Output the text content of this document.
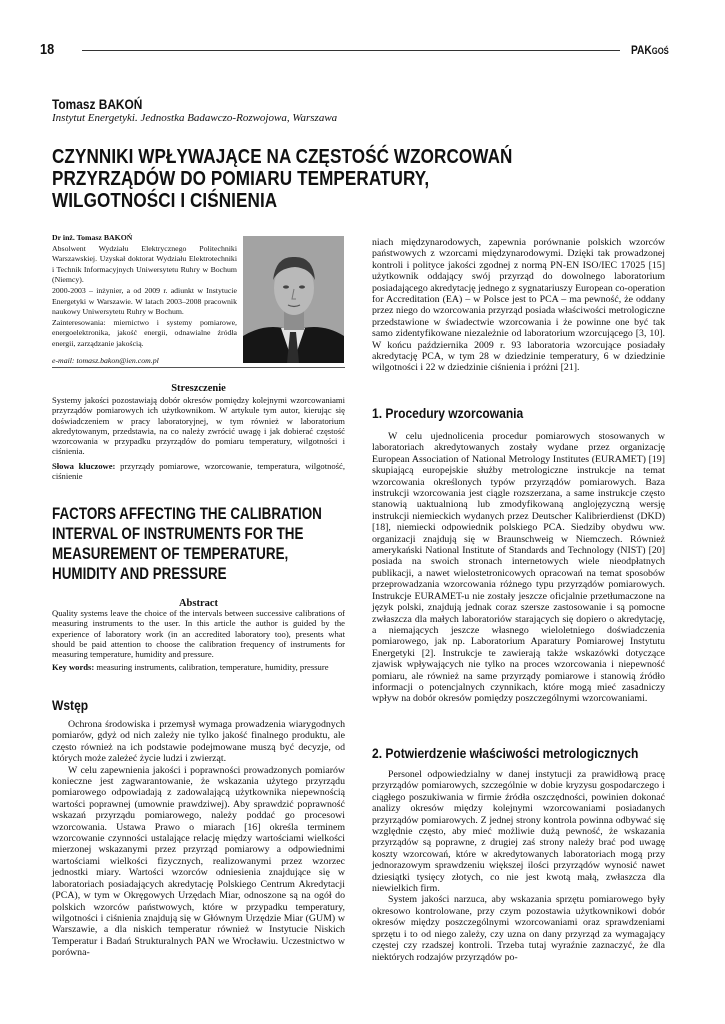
18	PAKGOŚ
Tomasz BAKOŃ
Instytut Energetyki. Jednostka Badawczo-Rozwojowa, Warszawa
CZYNNIKI WPŁYWAJĄCE NA CZĘSTOŚĆ WZORCOWAŃ
PRZYRZĄDÓW DO POMIARU TEMPERATURY,
WILGOTNOŚCI I CIŚNIENIA

Dr inż. Tomasz BAKOŃ

Absolwent Wydziału Elektrycznego Politechniki Warszawskiej. Uzyskał doktorat Wydziału Elektrotechniki i Technik Informacyjnych Uniwersytetu Ruhry w Bochum (Niemcy).

2000-2003 – inżynier, a od 2009 r. adiunkt w Instytucie Energetyki w Warszawie. W latach 2003–2008 pracownik naukowy Uniwersytetu Ruhry w Bochum.

Zainteresowania: miernictwo i systemy pomiarowe, energoelektronika, jakość energii, odnawialne źródła energii, zarządzanie jakością.

e-mail: tomasz.bakon@ien.com.pl

Streszczenie
Systemy jakości pozostawiają dobór okresów pomiędzy kolejnymi wzorcowaniami przyrządów pomiarowych ich użytkownikom. W artykule tym autor, kierując się doświadczeniem w pracy laboratoryjnej, w tym również w laboratorium akredytowanym, przedstawia, na co należy zwrócić uwagę i jak dobierać częstość wzorcowania w przypadku przyrządów do pomiaru temperatury, wilgotności i ciśnienia.
Słowa kluczowe: przyrządy pomiarowe, wzorcowanie, temperatura, wilgotność, ciśnienie
FACTORS AFFECTING THE CALIBRATION
INTERVAL OF INSTRUMENTS FOR THE
MEASUREMENT OF TEMPERATURE,
HUMIDITY AND PRESSURE
Abstract
Quality systems leave the choice of the intervals between successive calibrations of measuring instruments to the user. In this article the author is guided by the experience of laboratory work (in an accredited laboratory too), presents what should be paid attention to choose the calibration frequency of instruments for measuring temperature, humidity and pressure.
Key words: measuring instruments, calibration, temperature, humidity, pressure
Wstęp

Ochrona środowiska i przemysł wymaga prowadzenia wiarygodnych pomiarów, gdyż od nich zależy nie tylko jakość finalnego produktu, ale często również na ich podstawie podejmowane muszą być decyzje, od których może zależeć życie ludzi i zwierząt.

W celu zapewnienia jakości i poprawności prowadzonych pomiarów konieczne jest zagwarantowanie, że wskazania użytego przyrządu pomiarowego odpowiadają z zadowalającą użytkownika niepewnością wartości poprawnej (umownie prawdziwej). Aby sprawdzić poprawność wskazań przyrządu pomiarowego, należy poddać go procesowi wzorcowania. Ustawa Prawo o miarach [16] określa terminem wzorcowanie czynności ustalające relację między wartościami wielkości mierzonej wskazanymi przez przyrząd pomiarowy a odpowiednimi wartościami wielkości fizycznych, realizowanymi przez wzorzec jednostki miary. Wartości wzorców odniesienia znajdujące się w laboratoriach posiadających akredytację Polskiego Centrum Akredytacji (PCA), w tym w Okręgowych Urzędach Miar, odnoszone są na ogół do polskich wzorców państwowych, które w przypadku temperatury, wilgotności i ciśnienia znajdują się w Głównym Urzędzie Miar (GUM) w Warszawie, a dla niskich temperatur również w Instytucie Niskich Temperatur i Badań Strukturalnych PAN we Wrocławiu. Uczestnictwo w porówna-

niach międzynarodowych, zapewnia porównanie polskich wzorców państwowych z wzorcami międzynarodowymi. Dzięki tak prowadzonej kontroli i polityce jakości zgodnej z normą PN-EN ISO/IEC 17025 [15] użytkownik oddający swój przyrząd do dowolnego laboratorium posiadającego akredytację jednego z sygnatariuszy European co-operation for Accreditation (EA) – w Polsce jest to PCA – ma pewność, że oddany przez niego do wzorcowania przyrząd posiada właściwości metrologiczne przedstawione w świadectwie wzorcowania i że powinne one być tak samo zidentyfikowane niezależnie od laboratorium wzorcującego [3, 10]. W końcu października 2009 r. 93 laboratoria wzorcujące posiadały akredytację PCA, w tym 28 w dziedzinie temperatury, 6 w dziedzinie wilgotności i 22 w dziedzinie ciśnienia i próżni [21].

1. Procedury wzorcowania

W celu ujednolicenia procedur pomiarowych stosowanych w laboratoriach akredytowanych zostały wydane przez organizację European Association of National Metrology Institutes (EURAMET) [19] skupiającą europejskie służby metrologiczne instrukcje na temat wzorcowania określonych typów przyrządów pomiarowych. Baza instrukcji wzorcowania jest ciągle rozszerzana, a same instrukcje często stanowią uaktualnioną lub zmodyfikowaną anglojęzyczną wersję instrukcji niemieckich wydanych przez Deutscher Kalibrierdienst (DKD) [18], niemiecki odpowiednik polskiego PCA. Siedziby obydwu ww. organizacji znajdują się w Braunschweig w Niemczech. Również amerykański National Institute of Standards and Technology (NIST) [20] posiada na swoich stronach internetowych wiele nieodpłatnych publikacji, a nawet wielostetronicowych opracowań na temat sposobów przeprowadzania wzorcowania różnego typu przyrządów pomiarowych. Instrukcje EURAMET-u nie zostały jeszcze oficjalnie przetłumaczone na język polski, znajdują jednak coraz szersze zastosowanie i są pomocne zwłaszcza dla małych laboratoriów starających się dopiero o akredytację, a niemających jeszcze własnego wieloletniego doświadczenia pomiarowego, jak np. Laboratorium Aparatury Pomiarowej Instytutu Energetyki [2]. Instrukcje te zawierają także wskazówki dotyczące zjawisk wpływających nie tylko na proces wzorcowania i niepewność pomiaru, ale również na same przyrządy pomiarowe i stanowią źródło informacji o potencjalnych czynnikach, które mogą mieć zasadniczy wpływ na dobór okresów pomiędzy poszczególnymi wzorcowaniami.

2. Potwierdzenie właściwości metrologicznych

Personel odpowiedzialny w danej instytucji za prawidłową pracę przyrządów pomiarowych, szczególnie w dobie kryzysu gospodarczego i ciągłego poszukiwania w firmie źródła oszczędności, powinien dokonać analizy okresów między kolejnymi wzorcowaniami posiadanych przyrządów pomiarowych. Z jednej strony kontrola powinna odbywać się względnie często, aby mieć możliwie dużą pewność, że wskazania przyrządów są poprawne, z drugiej zaś strony należy brać pod uwagę koszty wzorcowań, które w akredytowanych laboratoriach mogą przy jednorazowym sprawdzeniu większej ilości przyrządów wynosić nawet dziesiątki tysięcy złotych, co nie jest kwotą małą, zwłaszcza dla niewielkich firm.

System jakości narzuca, aby wskazania sprzętu pomiarowego były okresowo kontrolowane, przy czym pozostawia użytkownikowi dobór okresów między poszczególnymi wzorcowaniami oraz sprawdzeniami sprzętu i to od niego zależy, czy uzna on dany przyrząd za wymagający częstej czy rzadszej kontroli. Trzeba tutaj wyraźnie zaznaczyć, że dla niektórych rodzajów przyrządów po-
